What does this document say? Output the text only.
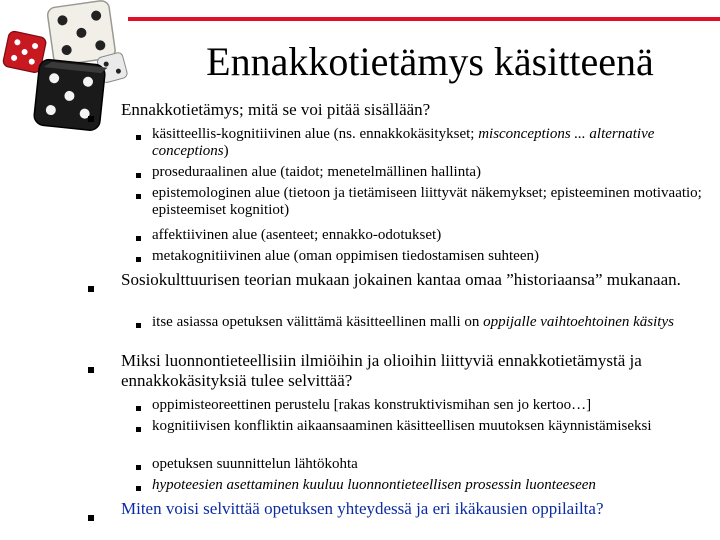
Ennakkotietämys käsitteenä
Ennakkotietämys; mitä se voi pitää sisällään?
käsitteellis-kognitiivinen alue (ns. ennakkokäsitykset; misconceptions ... alternative conceptions)
proseduraalinen alue (taidot; menetelmällinen hallinta)
epistemologinen alue (tietoon ja tietämiseen liittyvät näkemykset; episteeminen motivaatio; episteemiset kognitiot)
affektiivinen alue (asenteet; ennakko-odotukset)
metakognitiivinen alue (oman oppimisen tiedostamisen suhteen)
Sosiokulttuurisen teorian mukaan jokainen kantaa omaa ”historiaansa” mukanaan.
itse asiassa opetuksen välittämä käsitteellinen malli on oppijalle vaihtoehtoinen käsitys
Miksi luonnontieteellisiin ilmiöihin ja olioihin liittyviä ennakkotietämystä ja ennakkokäsityksiä tulee selvittää?
oppimisteoreettinen perustelu [rakas konstruktivismihan sen jo kertoo…]
kognitiivisen konfliktin aikaansaaminen käsitteellisen muutoksen käynnistämiseksi
opetuksen suunnittelun lähtökohta
hypoteesien asettaminen kuuluu luonnontieteellisen prosessin luonteeseen
Miten voisi selvittää opetuksen yhteydessä ja eri ikäkausien oppilailta?
